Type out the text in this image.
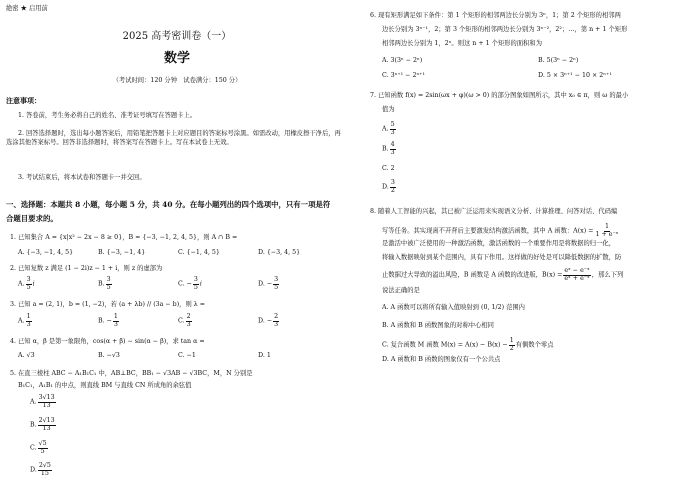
絶密 ★ 启用前
2025 高考密训卷（一）
数学
（考试时间：120 分钟　试卷满分：150 分）
注意事项：
1. 答卷前，考生务必将自己的姓名、准考证号填写在答题卡上。
2. 回答选择题时，选出每小题答案后，用铅笔把答题卡上对应题目的答案标号涂黑。如需改动，用橡皮擦干净后，再选涂其他答案标号。回答非选择题时，将答案写在答题卡上。写在本试卷上无效。
3. 考试结束后，将本试卷和答题卡一并交回。
一、选择题：本题共 8 小题，每小题 5 分，共 40 分。在每小题列出的四个选项中，只有一项是符合题目要求的。
1. 已知集合 A = {x|x² − 2x − 8 ≥ 0}，B = {−3, −1, 2, 4, 5}，则 A ∩ B =
A. {−3, −1, 4, 5}	B. {−3, −1, 4}	C. {−1, 4, 5}	D. {−3, 4, 5}
2. 已知复数 z 满足 (1 − 2i)z − 1 + i，则 z 的虚部为
A. $\frac{3}{5}$ i	B. $\frac{3}{5}$	C. − $\frac{3}{5}$ i	D. − $\frac{3}{5}$
3. 已知 a = (2, 1)，b = (1, −2)，若 (a + λb) // (3a − b)，则 λ =
A. $\frac{1}{3}$	B. − $\frac{1}{3}$	C. $\frac{2}{3}$	D. − $\frac{2}{3}$
4. 已知 α，β 是第一象限角，cos(α + β) − sin(α − β)，求 tan α =
A. √3	B. −√3	C. −1	D. 1
5. 在直三棱柱 ABC − A₁B₁C₁ 中，AB⊥BC，BB₁ − √3AB − √3BC，M，N 分别是
B₁C₁，A₁B₁ 的中点，则直线 BM 与直线 CN 所成角的余弦值
A. $\frac{3√13}{13}$
B. $\frac{2√13}{13}$
C. $\frac{√5}{5}$
D. $\frac{2√5}{15}$
6. 现有矩形满足如下条件：第 1 个矩形的相邻两边长分别为 3ⁿ，1；第 2 个矩形的相邻两
边长分别为 3ⁿ⁻¹，2；第 3 个矩形的相邻两边长分别为 3ⁿ⁻²，2²；…，第 n + 1 个矩形
相邻两边长分别为 1，2ⁿ。则这 n + 1 个矩形的面积和为
A. 3(3ⁿ − 2ⁿ)	B. 5(3ⁿ − 2ⁿ)
C. 3ⁿ⁺¹ − 2ⁿ⁺¹	D. 5 × 3ⁿ⁺¹ − 10 × 2ⁿ⁺¹
7. 已知函数 f(x) = 2sin(ωx + φ)(ω > 0) 的部分图象如图所示，其中 x₀ ∈ π，则 ω 的最小
值为
A. $\frac{5}{3}$
B. $\frac{4}{3}$
C. 2
D. $\frac{3}{2}$
8. 随着人工智能的兴起，其已被广泛运用来实现语义分析、计算推理、问答对话、代码编
写等任务。其实现离不开背后主要激发结构激活函数，其中 A 函数：$A(x) = \frac{1}{\text{1 + e⁻ˣ}}$
是激活中被广泛使用的一种激活函数，激活函数的一个重要作用是将数据的归一化，
将输入数据映射到某个范围内，具有下作用。这样做的好处是可以降低数据的扩散，防
止数据过大导致的溢出风险，B 函数是 A 函数的改进版，$B(x) = \frac{\text{eˣ − e⁻ˣ}}{\text{eˣ + e⁻ˣ}}$ ，那么下列
说法正确的是
A. A 函数可以将所有输入值映射到 (0, 1/2) 范围内
B. A 函数和 B 函数图象的对称中心相同
C. 复合函数 M 函数 $M(x) = A(x) - B(x) - \frac{1}{2}$ 有偶数个零点
D. A 函数和 B 函数的图象仅有一个公共点
